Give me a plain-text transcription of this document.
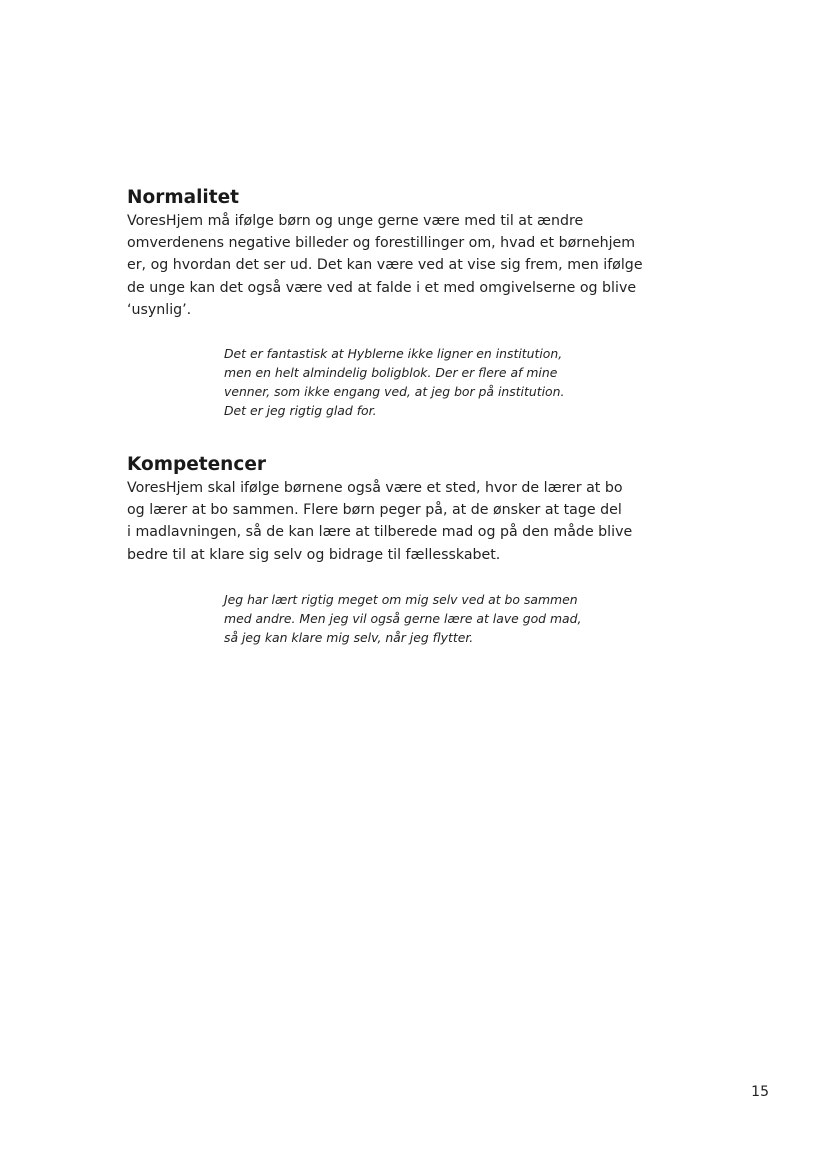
Normalitet

VoresHjem må ifølge børn og unge gerne være med til at ændre
omverdenens negative billeder og forestillinger om, hvad et børnehjem
er, og hvordan det ser ud. Det kan være ved at vise sig frem, men ifølge
de unge kan det også være ved at falde i et med omgivelserne og blive
‘usynlig’.

Det er fantastisk at Hyblerne ikke ligner en institution,
men en helt almindelig boligblok. Der er flere af mine
venner, som ikke engang ved, at jeg bor på institution.
Det er jeg rigtig glad for.
Kompetencer

VoresHjem skal ifølge børnene også være et sted, hvor de lærer at bo
og lærer at bo sammen. Flere børn peger på, at de ønsker at tage del
i madlavningen, så de kan lære at tilberede mad og på den måde blive
bedre til at klare sig selv og bidrage til fællesskabet.

Jeg har lært rigtig meget om mig selv ved at bo sammen
med andre. Men jeg vil også gerne lære at lave god mad,
så jeg kan klare mig selv, når jeg flytter.
15
